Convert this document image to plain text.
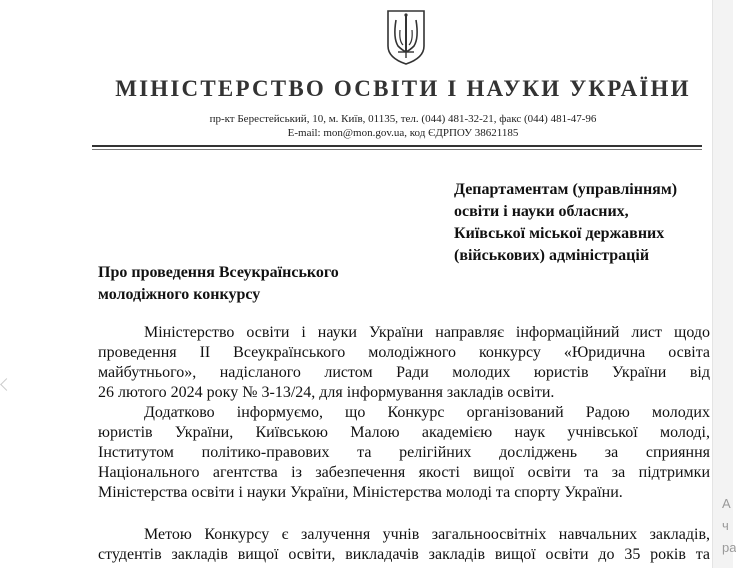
МІНІСТЕРСТВО ОСВІТИ І НАУКИ УКРАЇНИ
пр-кт Берестейський, 10, м. Київ, 01135, тел. (044) 481-32-21, факс (044) 481-47-96
E-mail: mon@mon.gov.ua, код ЄДРПОУ 38621185
Департаментам (управлінням)
освіти і науки обласних,
Київської міської державних
(військових) адміністрацій
Про проведення Всеукраїнського
молодіжного конкурсу
Міністерство освіти і науки України направляє інформаційний лист щодо
проведення ІІ Всеукраїнського молодіжного конкурсу «Юридична освіта
майбутнього», надісланого листом Ради молодих юристів України від
26 лютого 2024 року № 3-13/24, для інформування закладів освіти.
Додатково інформуємо, що Конкурс організований Радою молодих
юристів України, Київською Малою академією наук учнівської молоді,
Інститутом політико-правових та релігійних досліджень за сприяння
Національного агентства із забезпечення якості вищої освіти та за підтримки
Міністерства освіти і науки України, Міністерства молоді та спорту України.
Метою Конкурсу є залучення учнів загальноосвітніх навчальних закладів,
студентів закладів вищої освіти, викладачів закладів вищої освіти до 35 років та
А
ч
ра
